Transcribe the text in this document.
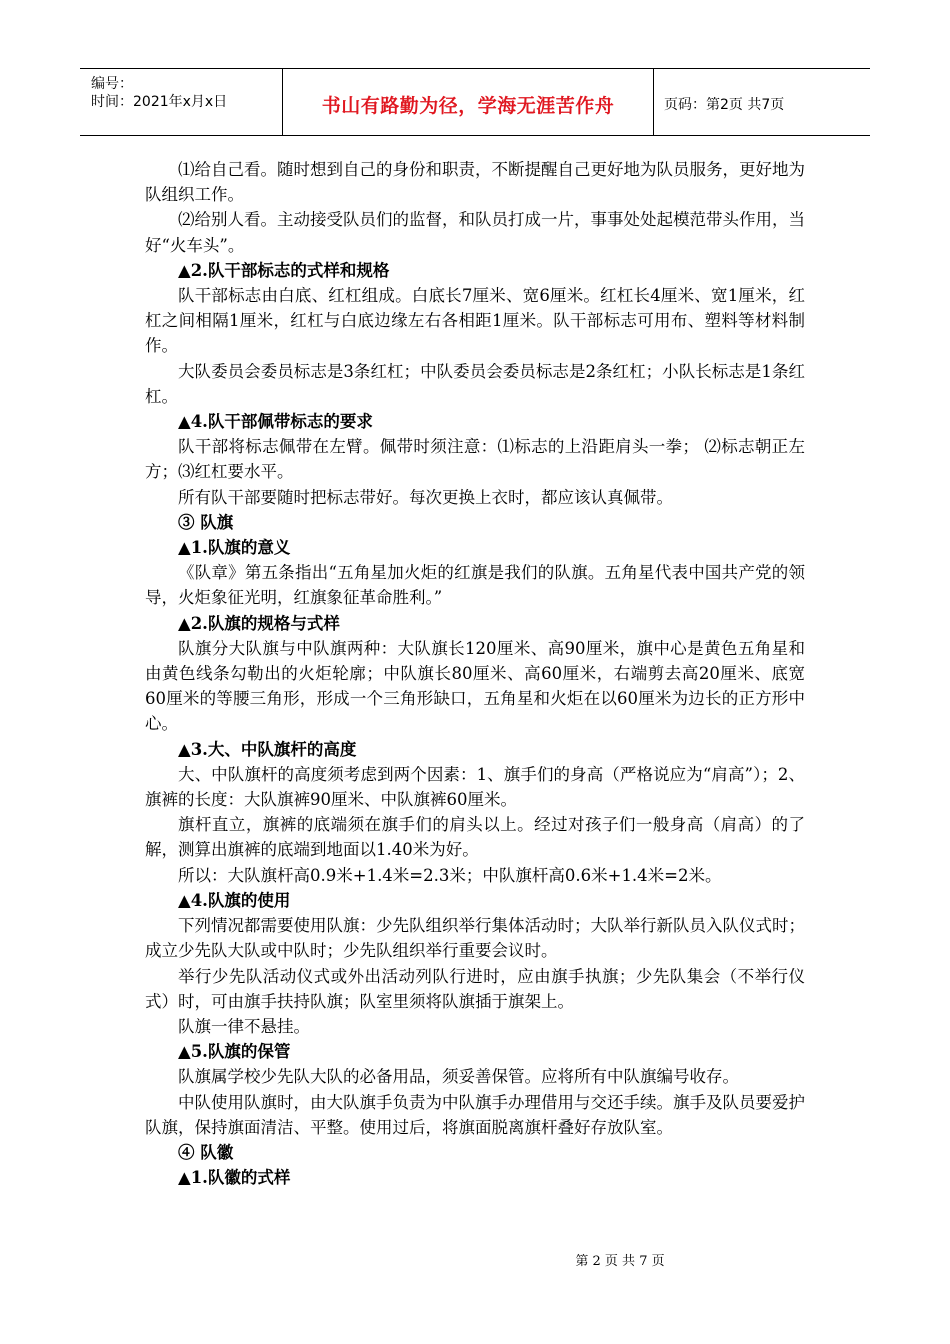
编号：
时间：2021年x月x日	书山有路勤为径，学海无涯苦作舟	页码：第2页 共7页

⑴给自己看。随时想到自己的身份和职责，不断提醒自己更好地为队员服务，更好地为队组织工作。

⑵给别人看。主动接受队员们的监督，和队员打成一片，事事处处起模范带头作用，当好“火车头”。

▲2.队干部标志的式样和规格

队干部标志由白底、红杠组成。白底长7厘米、宽6厘米。红杠长4厘米、宽1厘米，红杠之间相隔1厘米，红杠与白底边缘左右各相距1厘米。队干部标志可用布、塑料等材料制作。

大队委员会委员标志是3条红杠；中队委员会委员标志是2条红杠；小队长标志是1条红杠。

▲4.队干部佩带标志的要求

队干部将标志佩带在左臂。佩带时须注意：⑴标志的上沿距肩头一拳； ⑵标志朝正左方；⑶红杠要水平。

所有队干部要随时把标志带好。每次更换上衣时，都应该认真佩带。

③ 队旗

▲1.队旗的意义

《队章》第五条指出“五角星加火炬的红旗是我们的队旗。五角星代表中国共产党的领导，火炬象征光明，红旗象征革命胜利。”

▲2.队旗的规格与式样

队旗分大队旗与中队旗两种：大队旗长120厘米、高90厘米，旗中心是黄色五角星和由黄色线条勾勒出的火炬轮廓；中队旗长80厘米、高60厘米，右端剪去高20厘米、底宽60厘米的等腰三角形，形成一个三角形缺口，五角星和火炬在以60厘米为边长的正方形中心。

▲3.大、中队旗杆的高度

大、中队旗杆的高度须考虑到两个因素：1、旗手们的身高（严格说应为“肩高”）；2、旗裤的长度：大队旗裤90厘米、中队旗裤60厘米。

旗杆直立，旗裤的底端须在旗手们的肩头以上。经过对孩子们一般身高（肩高）的了解，测算出旗裤的底端到地面以1.40米为好。

所以：大队旗杆高0.9米+1.4米=2.3米；中队旗杆高0.6米+1.4米=2米。

▲4.队旗的使用

下列情况都需要使用队旗：少先队组织举行集体活动时；大队举行新队员入队仪式时；成立少先队大队或中队时；少先队组织举行重要会议时。

举行少先队活动仪式或外出活动列队行进时，应由旗手执旗；少先队集会（不举行仪式）时，可由旗手扶持队旗；队室里须将队旗插于旗架上。

队旗一律不悬挂。

▲5.队旗的保管

队旗属学校少先队大队的必备用品，须妥善保管。应将所有中队旗编号收存。

中队使用队旗时，由大队旗手负责为中队旗手办理借用与交还手续。旗手及队员要爱护队旗，保持旗面清洁、平整。使用过后，将旗面脱离旗杆叠好存放队室。

④ 队徽

▲1.队徽的式样

第 2 页 共 7 页
